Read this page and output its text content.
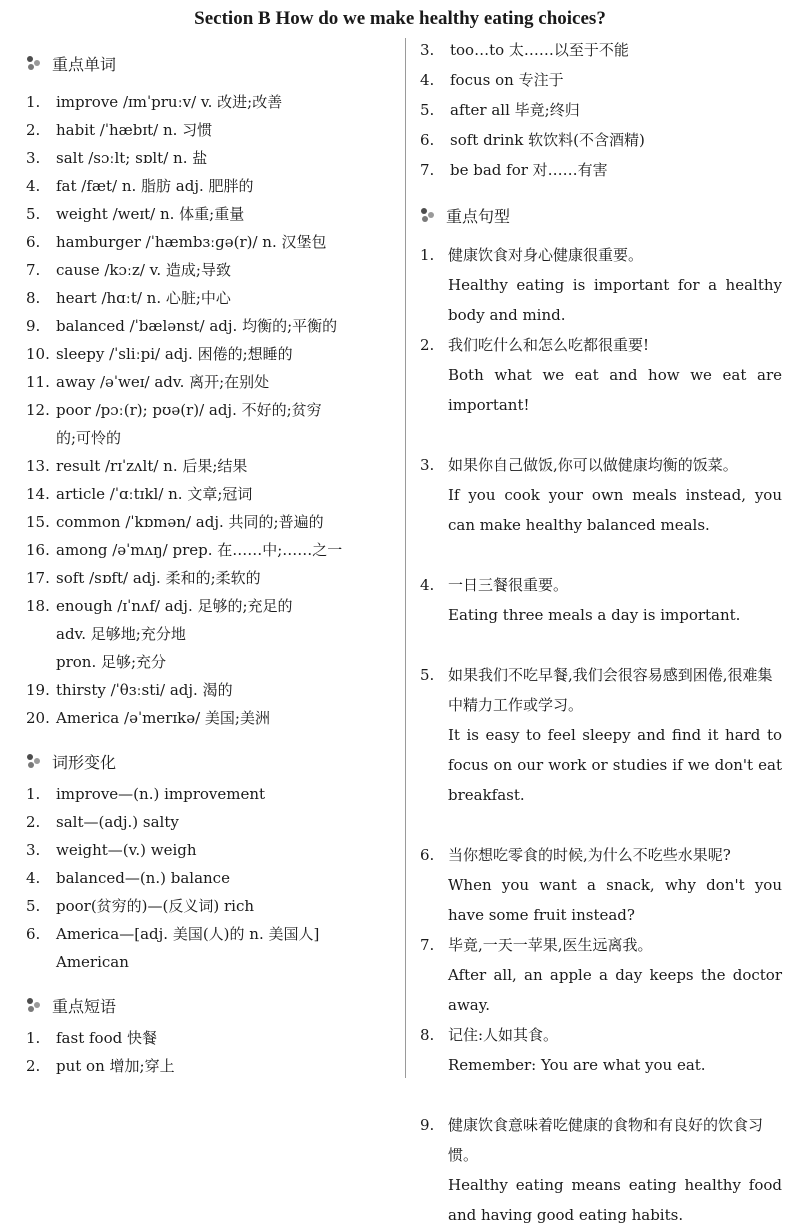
Section B How do we make healthy eating choices?
重点单词
1. improve /ɪmˈpruːv/ v. 改进;改善
2. habit /ˈhæbɪt/ n. 习惯
3. salt /sɔːlt; sɒlt/ n. 盐
4. fat /fæt/ n. 脂肪 adj. 肥胖的
5. weight /weɪt/ n. 体重;重量
6. hamburger /ˈhæmbɜːɡə(r)/ n. 汉堡包
7. cause /kɔːz/ v. 造成;导致
8. heart /hɑːt/ n. 心脏;中心
9. balanced /ˈbælənst/ adj. 均衡的;平衡的
10. sleepy /ˈsliːpi/ adj. 困倦的;想睡的
11. away /əˈweɪ/ adv. 离开;在别处
12. poor /pɔː(r); pʊə(r)/ adj. 不好的;贫穷
的;可怜的
13. result /rɪˈzʌlt/ n. 后果;结果
14. article /ˈɑːtɪkl/ n. 文章;冠词
15. common /ˈkɒmən/ adj. 共同的;普遍的
16. among /əˈmʌŋ/ prep. 在……中;……之一
17. soft /sɒft/ adj. 柔和的;柔软的
18. enough /ɪˈnʌf/ adj. 足够的;充足的
adv. 足够地;充分地
pron. 足够;充分
19. thirsty /ˈθɜːsti/ adj. 渴的
20. America /əˈmerɪkə/ 美国;美洲
词形变化
1. improve—(n.) improvement
2. salt—(adj.) salty
3. weight—(v.) weigh
4. balanced—(n.) balance
5. poor(贫穷的)—(反义词) rich
6. America—[adj. 美国(人)的 n. 美国人]
American
重点短语
1. fast food 快餐
2. put on 增加;穿上
3. too…to 太……以至于不能
4. focus on 专注于
5. after all 毕竟;终归
6. soft drink 软饮料(不含酒精)
7. be bad for 对……有害
重点句型
1. 健康饮食对身心健康很重要。
Healthy eating is important for a healthy body and mind.
2. 我们吃什么和怎么吃都很重要!
Both what we eat and how we eat are important!
3. 如果你自己做饭,你可以做健康均衡的饭菜。
If you cook your own meals instead, you can make healthy balanced meals.
4. 一日三餐很重要。
Eating three meals a day is important.
5. 如果我们不吃早餐,我们会很容易感到困倦,很难集中精力工作或学习。
It is easy to feel sleepy and find it hard to focus on our work or studies if we don't eat breakfast.
6. 当你想吃零食的时候,为什么不吃些水果呢?
When you want a snack, why don't you have some fruit instead?
7. 毕竟,一天一苹果,医生远离我。
After all, an apple a day keeps the doctor away.
8. 记住:人如其食。
Remember: You are what you eat.
9. 健康饮食意味着吃健康的食物和有良好的饮食习惯。
Healthy eating means eating healthy food and having good eating habits.
